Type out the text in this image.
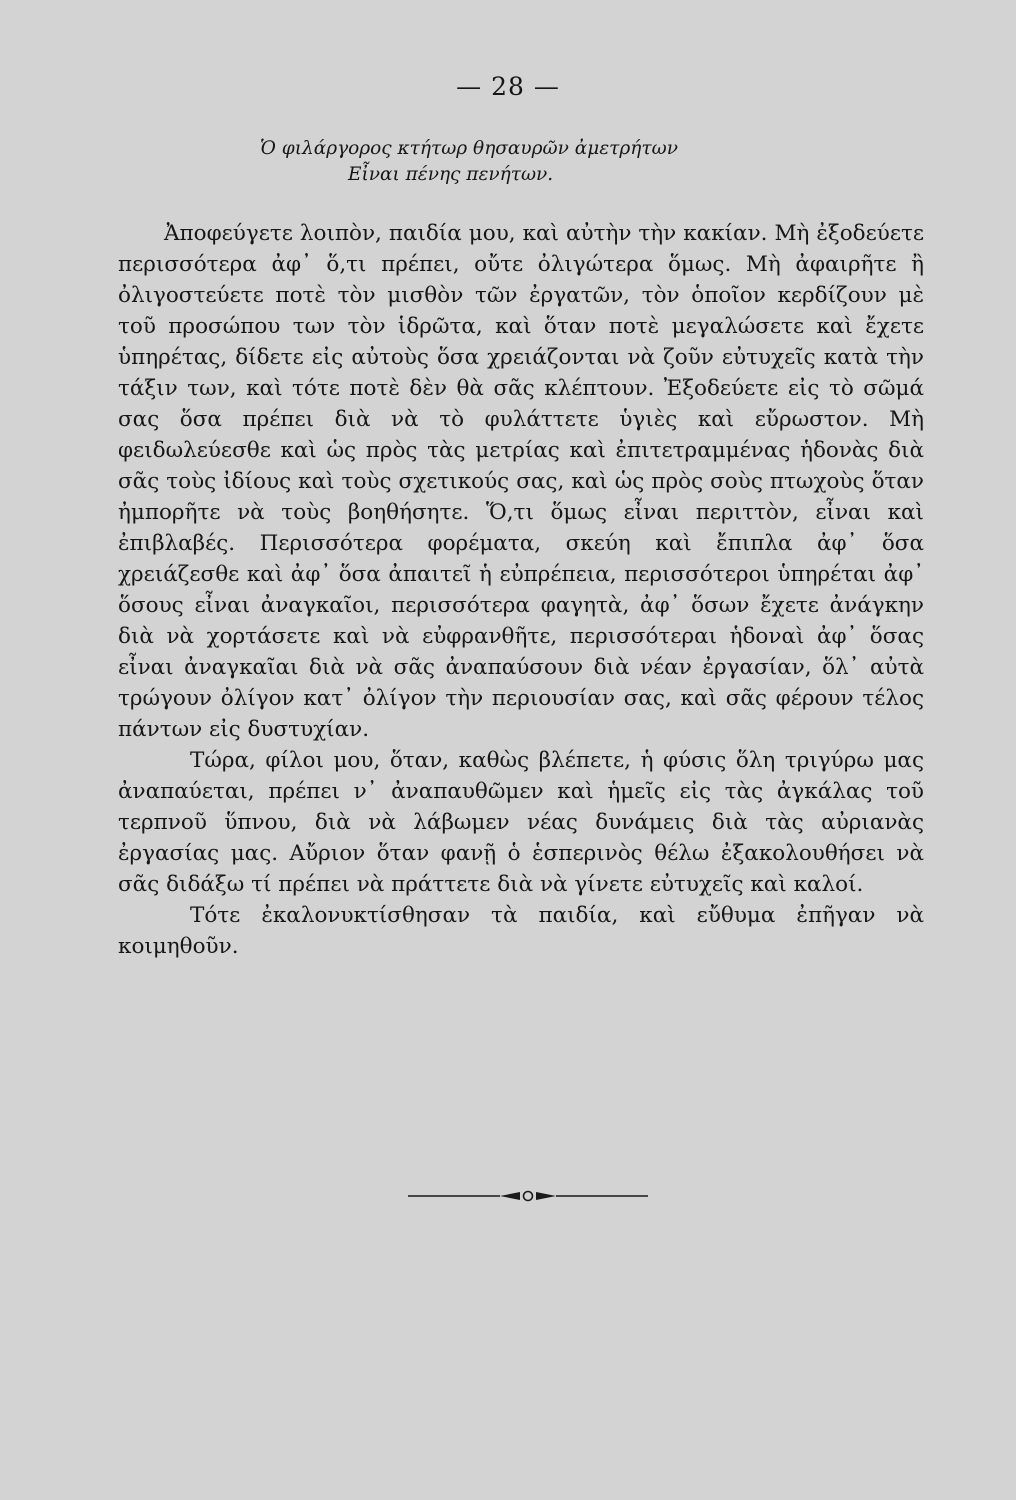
— 28 —
Ὁ φιλάργορος κτήτωρ θησαυρῶν ἀμετρήτων
Εἶναι πένης πενήτων.

Ἀποφεύγετε λοιπὸν, παιδία μου, καὶ αὐτὴν τὴν κακίαν. Μὴ ἐξοδεύετε περισσότερα ἀφ᾽ ὅ,τι πρέπει, οὔτε ὀλιγώτερα ὅμως. Μὴ ἀφαιρῆτε ἢ ὀλιγοστεύετε ποτὲ τὸν μισθὸν τῶν ἐργατῶν, τὸν ὁποῖον κερδίζουν μὲ τοῦ προσώπου των τὸν ἱδρῶτα, καὶ ὅταν ποτὲ μεγαλώσετε καὶ ἔχετε ὑπηρέτας, δίδετε εἰς αὐτοὺς ὅσα χρειάζονται νὰ ζοῦν εὐτυχεῖς κατὰ τὴν τάξιν των, καὶ τότε ποτὲ δὲν θὰ σᾶς κλέπτουν. Ἐξοδεύετε εἰς τὸ σῶμά σας ὅσα πρέπει διὰ νὰ τὸ φυλάττετε ὑγιὲς καὶ εὔρωστον. Μὴ φειδωλεύεσθε καὶ ὡς πρὸς τὰς μετρίας καὶ ἐπιτετραμμένας ἡδονὰς διὰ σᾶς τοὺς ἰδίους καὶ τοὺς σχετικούς σας, καὶ ὡς πρὸς σοὺς πτωχοὺς ὅταν ἠμπορῆτε νὰ τοὺς βοηθήσητε. Ὅ,τι ὅμως εἶναι περιττὸν, εἶναι καὶ ἐπιβλαβές. Περισσότερα φορέματα, σκεύη καὶ ἔπιπλα ἀφ᾽ ὅσα χρειάζεσθε καὶ ἀφ᾽ ὅσα ἀπαιτεῖ ἡ εὐπρέπεια, περισσότεροι ὑπηρέται ἀφ᾽ ὅσους εἶναι ἀναγκαῖοι, περισσότερα φαγητὰ, ἀφ᾽ ὅσων ἔχετε ἀνάγκην διὰ νὰ χορτάσετε καὶ νὰ εὐφρανθῆτε, περισσότεραι ἡδοναὶ ἀφ᾽ ὅσας εἶναι ἀναγκαῖαι διὰ νὰ σᾶς ἀναπαύσουν διὰ νέαν ἐργασίαν, ὅλ᾽ αὐτὰ τρώγουν ὀλίγον κατ᾽ ὀλίγον τὴν περιουσίαν σας, καὶ σᾶς φέρουν τέλος πάντων εἰς δυστυχίαν.

Τώρα, φίλοι μου, ὅταν, καθὼς βλέπετε, ἡ φύσις ὅλη τριγύρω μας ἀναπαύεται, πρέπει ν᾽ ἀναπαυθῶμεν καὶ ἡμεῖς εἰς τὰς ἀγκάλας τοῦ τερπνοῦ ὕπνου, διὰ νὰ λάβωμεν νέας δυνάμεις διὰ τὰς αὐριανὰς ἐργασίας μας. Αὔριον ὅταν φανῇ ὁ ἑσπερινὸς θέλω ἐξακολουθήσει νὰ σᾶς διδάξω τί πρέπει νὰ πράττετε διὰ νὰ γίνετε εὐτυχεῖς καὶ καλοί.

Τότε ἐκαλονυκτίσθησαν τὰ παιδία, καὶ εὔθυμα ἐπῆγαν νὰ κοιμηθοῦν.
